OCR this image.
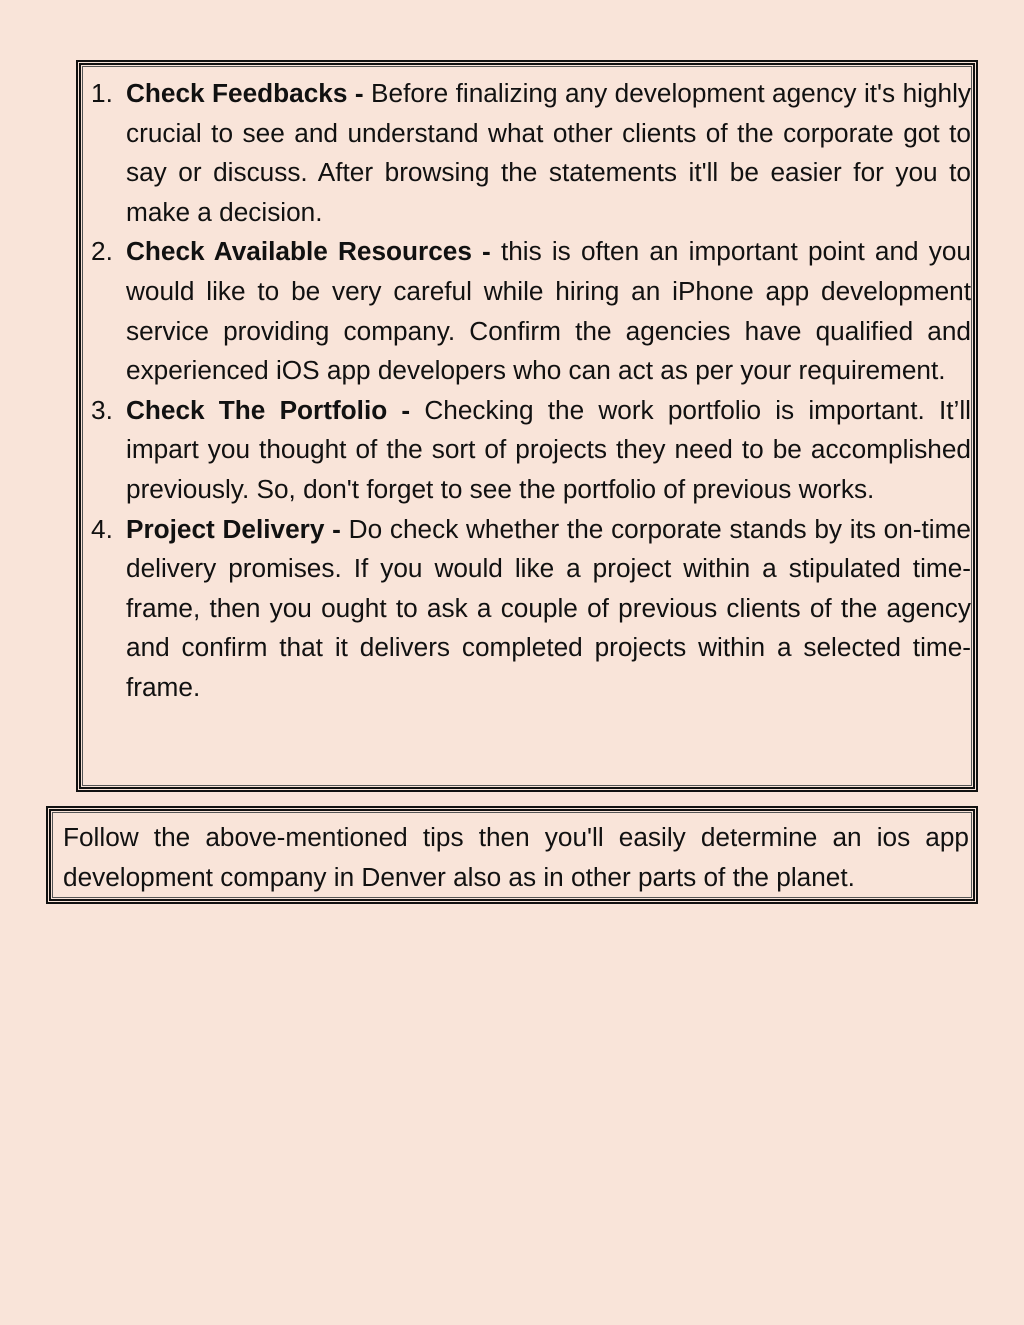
1. Check Feedbacks - Before finalizing any development agency it's highly crucial to see and understand what other clients of the corporate got to say or discuss. After browsing the statements it'll be easier for you to make a decision.
2. Check Available Resources - this is often an important point and you would like to be very careful while hiring an iPhone app development service providing company. Confirm the agencies have qualified and experienced iOS app developers who can act as per your requirement.
3. Check The Portfolio - Checking the work portfolio is important. It’ll impart you thought of the sort of projects they need to be accomplished previously. So, don't forget to see the portfolio of previous works.
4. Project Delivery - Do check whether the corporate stands by its on-time delivery promises. If you would like a project within a stipulated time-frame, then you ought to ask a couple of previous clients of the agency and confirm that it delivers completed projects within a selected time-frame.

Follow the above-mentioned tips then you'll easily determine an ios app development company in Denver also as in other parts of the planet.
